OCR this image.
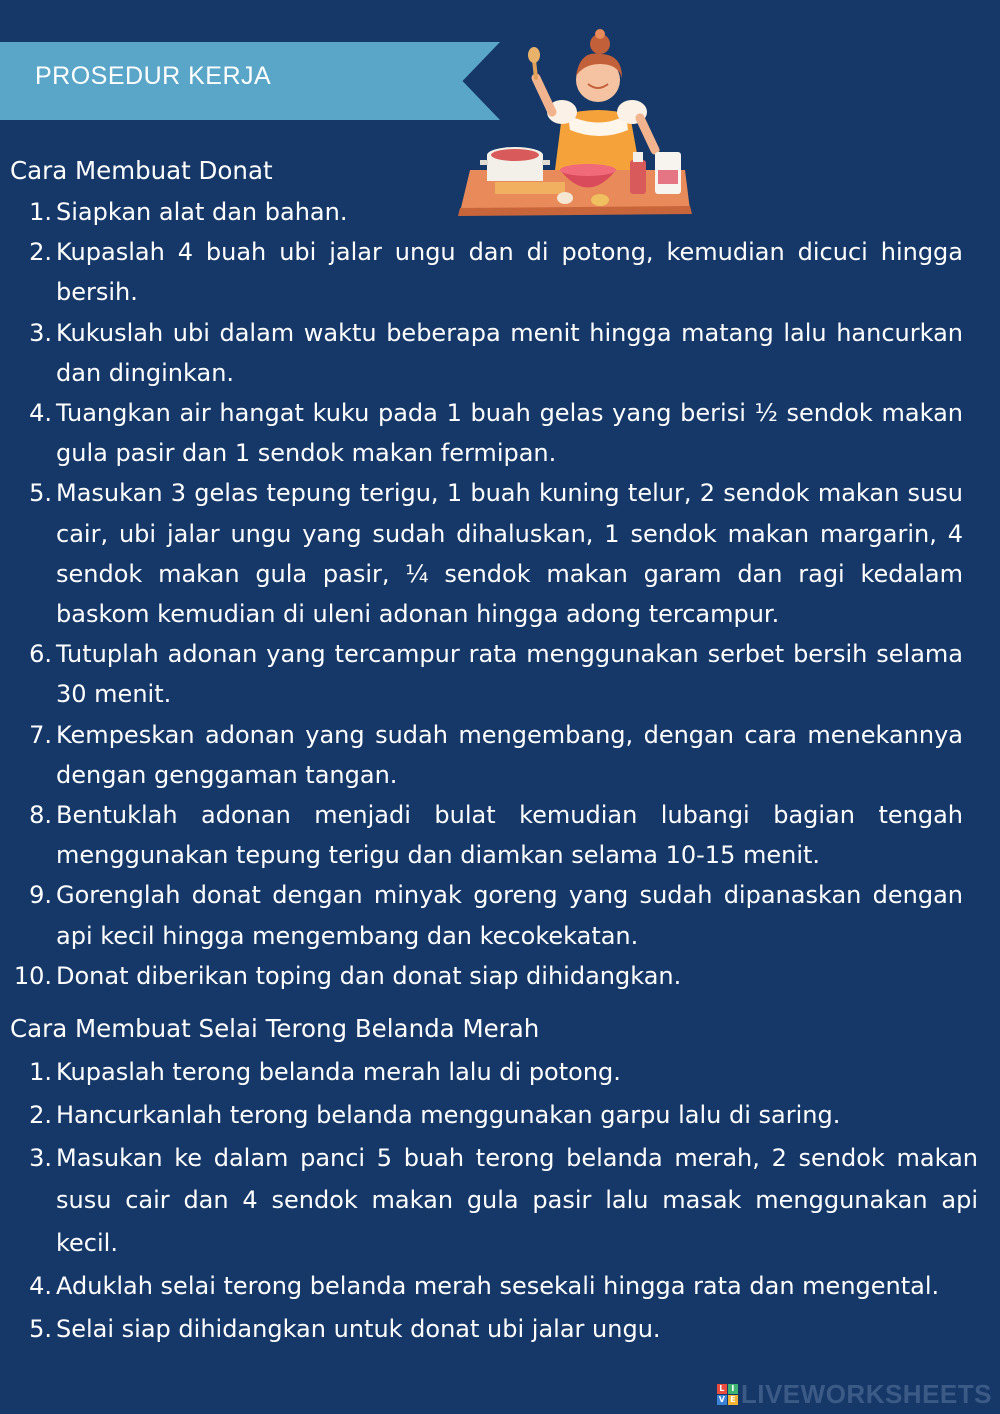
PROSEDUR KERJA
Cara Membuat Donat
1. Siapkan alat dan bahan.
2. Kupaslah 4 buah ubi jalar ungu dan di potong, kemudian dicuci hingga bersih.
3. Kukuslah ubi dalam waktu beberapa menit hingga matang lalu hancurkan dan dinginkan.
4. Tuangkan air hangat kuku pada 1 buah gelas yang berisi ½ sendok makan gula pasir dan 1 sendok makan fermipan.
5. Masukan 3 gelas tepung terigu, 1 buah kuning telur, 2 sendok makan susu cair, ubi jalar ungu yang sudah dihaluskan, 1 sendok makan margarin, 4 sendok makan gula pasir, ¼ sendok makan garam dan ragi kedalam baskom kemudian di uleni adonan hingga adong tercampur.
6. Tutuplah adonan yang tercampur rata menggunakan serbet bersih selama 30 menit.
7. Kempeskan adonan yang sudah mengembang, dengan cara menekannya dengan genggaman tangan.
8. Bentuklah adonan menjadi bulat kemudian lubangi bagian tengah menggunakan tepung terigu dan diamkan selama 10-15 menit.
9. Gorenglah donat dengan minyak goreng yang sudah dipanaskan dengan api kecil hingga mengembang dan kecokekatan.
10. Donat diberikan toping dan donat siap dihidangkan.
Cara Membuat Selai Terong Belanda Merah
1. Kupaslah terong belanda merah lalu di potong.
2. Hancurkanlah terong belanda menggunakan garpu lalu di saring.
3. Masukan ke dalam panci 5 buah terong belanda merah, 2 sendok makan susu cair dan 4 sendok makan gula pasir lalu masak menggunakan api kecil.
4. Aduklah selai terong belanda merah sesekali hingga rata dan mengental.
5. Selai siap dihidangkan untuk donat ubi jalar ungu.
L I
V E LIVEWORKSHEETS
